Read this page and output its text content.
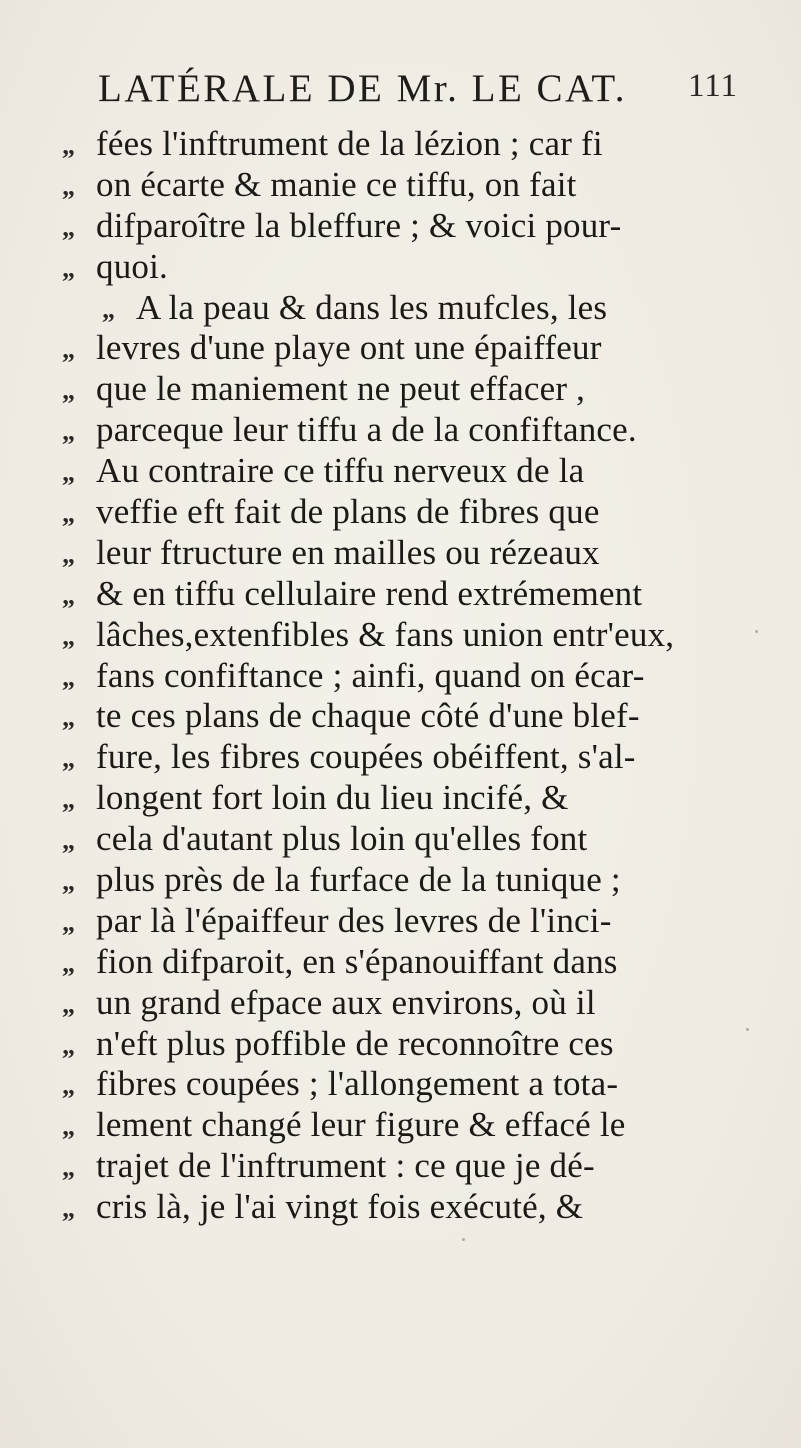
LATÉRALE DE Mr. LE CAT. 111
„ fées l'inftrument de la lézion ; car fi
„ on écarte & manie ce tiffu, on fait
„ difparoître la bleffure ; & voici pour-
„ quoi.
„ A la peau & dans les mufcles, les
„ levres d'une playe ont une épaiffeur
„ que le maniement ne peut effacer ,
„ parceque leur tiffu a de la confiftance.
„ Au contraire ce tiffu nerveux de la
„ veffie eft fait de plans de fibres que
„ leur ftructure en mailles ou rézeaux
„ & en tiffu cellulaire rend extrémement
„ lâches,extenfibles & fans union entr'eux,
„ fans confiftance ; ainfi, quand on écar-
„ te ces plans de chaque côté d'une blef-
„ fure, les fibres coupées obéiffent, s'al-
„ longent fort loin du lieu incifé, &
„ cela d'autant plus loin qu'elles font
„ plus près de la furface de la tunique ;
„ par là l'épaiffeur des levres de l'inci-
„ fion difparoit, en s'épanouiffant dans
„ un grand efpace aux environs, où il
„ n'eft plus poffible de reconnoître ces
„ fibres coupées ; l'allongement a tota-
„ lement changé leur figure & effacé le
„ trajet de l'inftrument : ce que je dé-
„ cris là, je l'ai vingt fois exécuté, &
